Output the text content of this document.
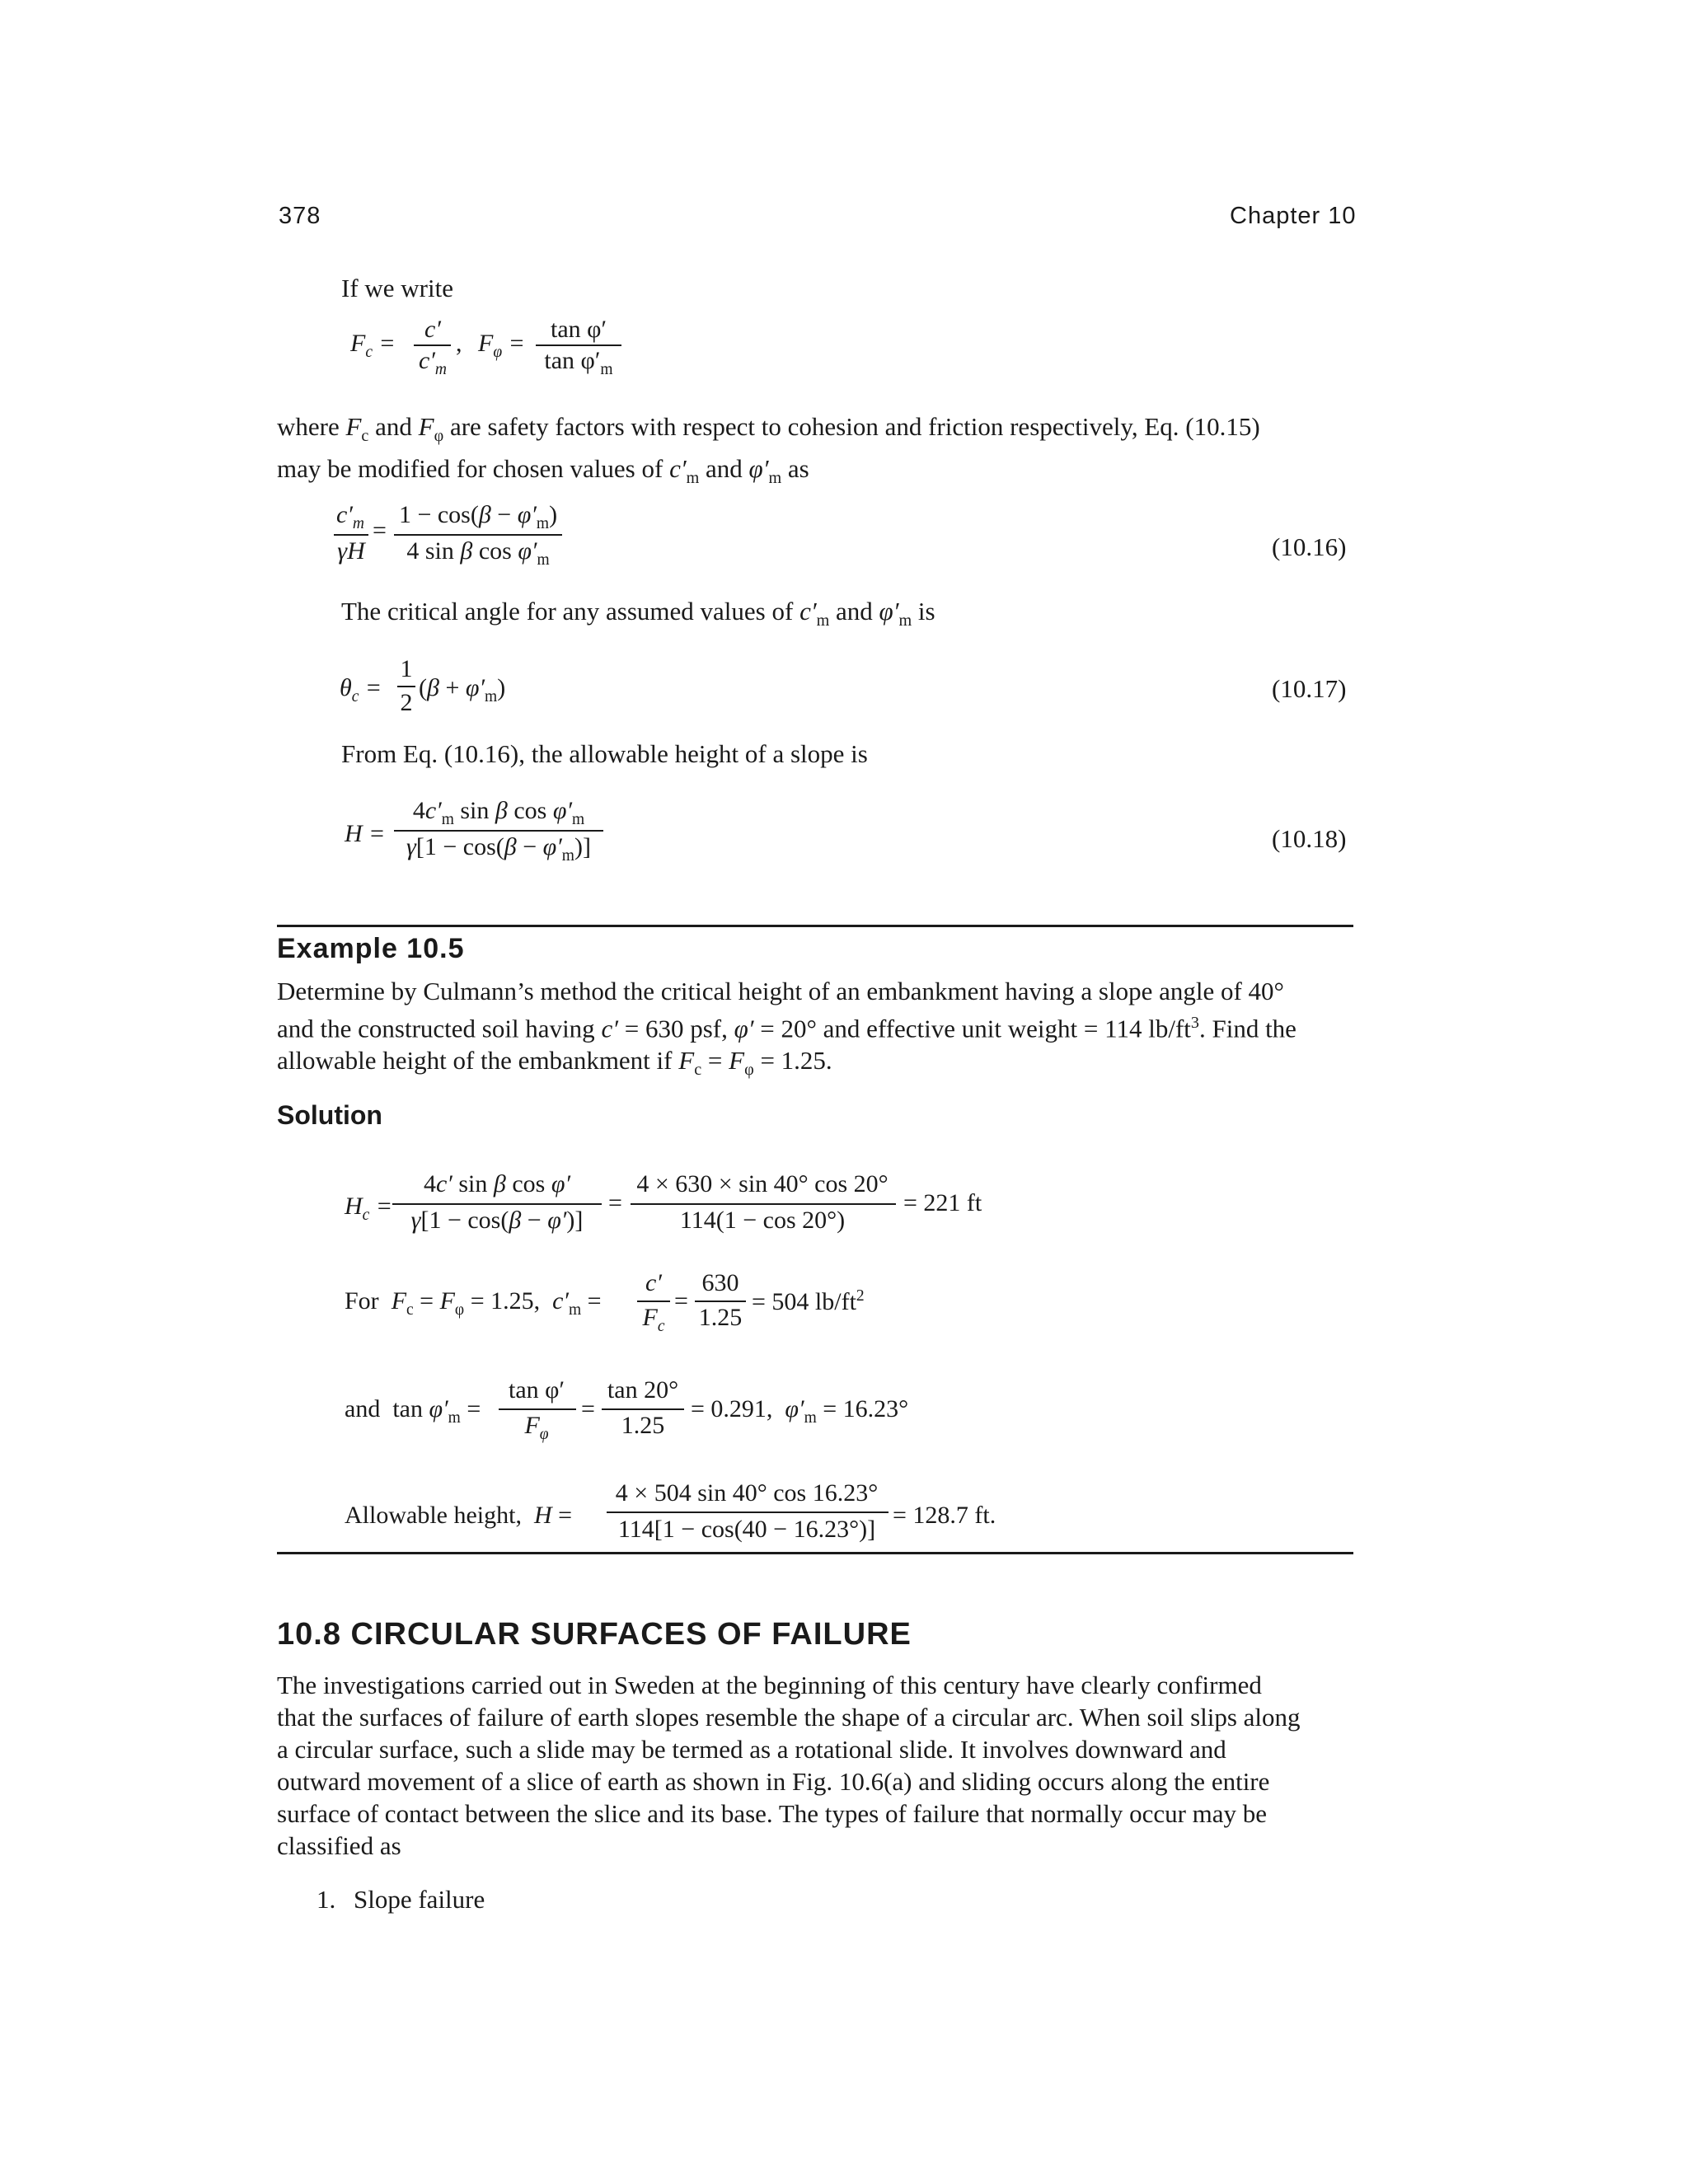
378	Chapter 10
If we write
$F_c$ =
c′
$c'_m$
, $F_\varphi$ =
tan φ′
$\tan \varphi'_m$
where $F_c$ and $F_\varphi$ are safety factors with respect to cohesion and friction respectively, Eq. (10.15)
may be modified for chosen values of $c'_m$ and $\varphi'_m$ as
$c'_m$
γH
=
$1 - \cos(\beta - \varphi'_m)$
4 sin β $\cos \varphi'_m$	(10.16)
The critical angle for any assumed values of $c'_m$ and $\varphi'_m$ is
$\theta_c$ =
1
2
$(\beta + \varphi'_m)$	(10.17)
From Eq. (10.16), the allowable height of a slope is
H =
$4c'_m$ sin β $\cos \varphi'_m$
$\gamma[1 - \cos(\beta - \varphi'_m)]$	(10.18)
Example 10.5
Determine by Culmann’s method the critical height of an embankment having a slope angle of 40°
and the constructed soil having c′ = 630 psf, φ′ = 20° and effective unit weight = 114 $lb/ft^3$. Find the
allowable height of the embankment if $F_c = F_\varphi = 1.25$.
Solution
$H_c$ =
4c′ sin β cos φ′
γ[1 − cos(β − φ′)]
=
4 × 630 × sin 40° cos 20°
114(1 − cos 20°)
= 221 ft
For  $F_c = F_\varphi = 1.25$,  $c'_m$ =
c′
$F_c$
=
630
1.25
= 504 $lb/ft^2$
and  $\tan \varphi'_m$ =
tan φ′
$F_\varphi$
=
tan 20°
1.25
= 0.291,  $\varphi'_m = 16.23^\circ$
Allowable height,  H =
4 × 504 sin 40° cos 16.23°
114[1 − cos(40 − 16.23°)]
= 128.7 ft.
10.8 CIRCULAR SURFACES OF FAILURE
The investigations carried out in Sweden at the beginning of this century have clearly confirmed
that the surfaces of failure of earth slopes resemble the shape of a circular arc. When soil slips along
a circular surface, such a slide may be termed as a rotational slide. It involves downward and
outward movement of a slice of earth as shown in Fig. 10.6(a) and sliding occurs along the entire
surface of contact between the slice and its base. The types of failure that normally occur may be
classified as
1. Slope failure
